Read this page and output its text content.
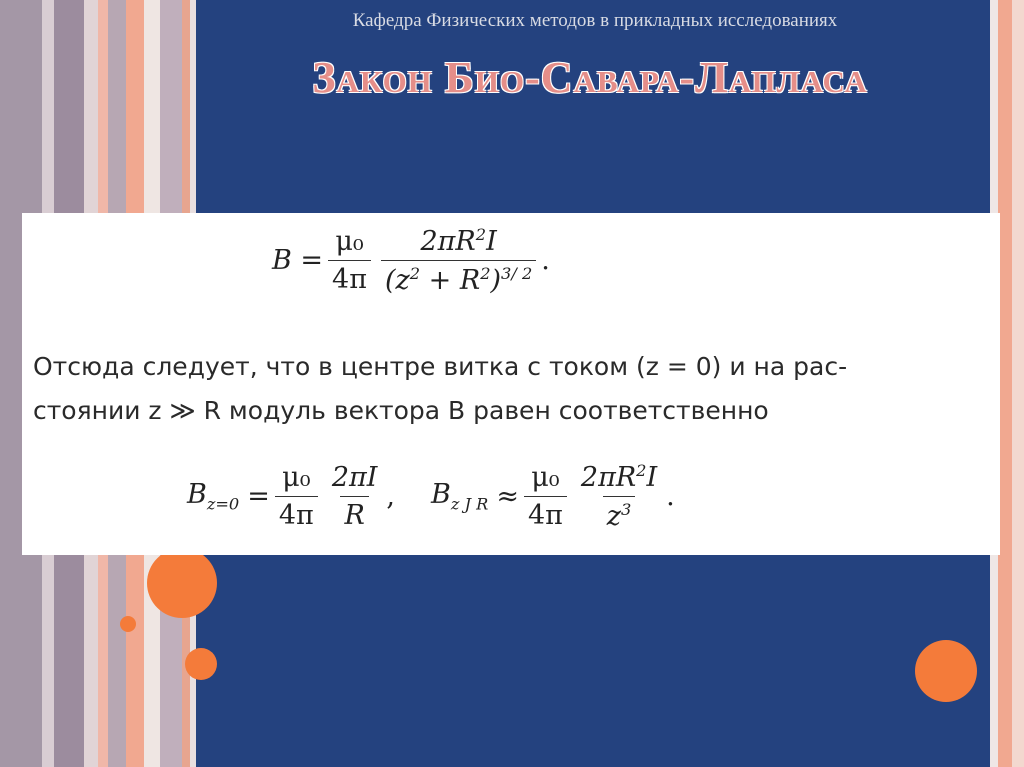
Кафедра Физических методов в прикладных исследованиях
Закон Био-Савара-Лапласа
$B = \frac{\text{μ₀}}{4\pi} \frac{2\pi R^2I}{(z^2 + R^2)^{3/ 2}}$ .
Отсюда следует, что в центре витка с током (z = 0) и на рас-
стоянии z ≫ R модуль вектора B равен соответственно
$B_{z=0} = \frac{\text{μ₀}}{4\pi} \frac{2\pi I}{R}$ , $B_{z J R} \approx \frac{\text{μ₀}}{4\pi} \frac{2\pi R^2I}{z^3}$ .
